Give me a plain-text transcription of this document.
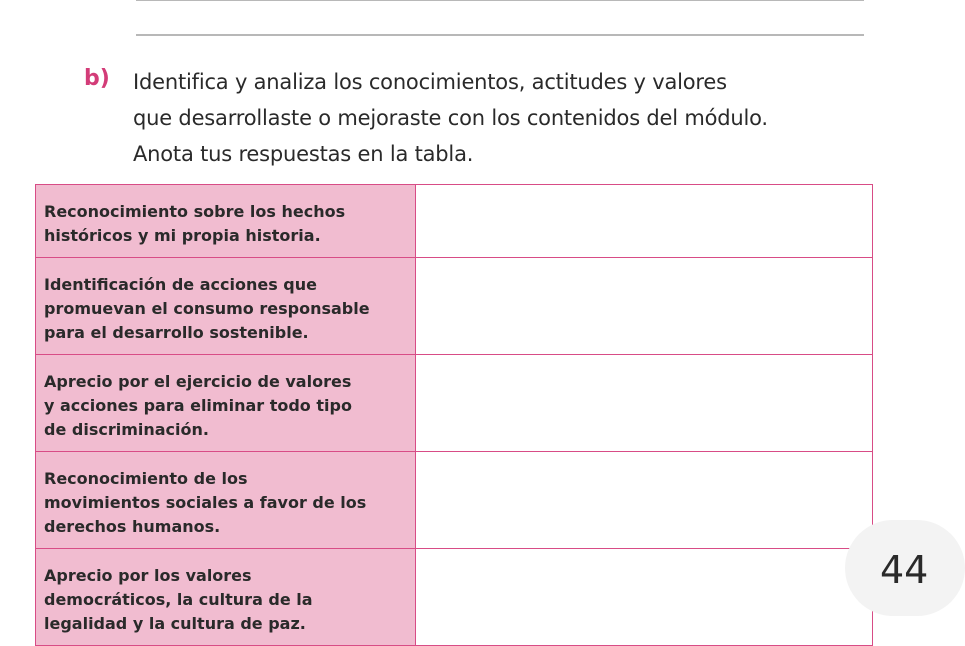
b) Identifica y analiza los conocimientos, actitudes y valores
que desarrollaste o mejoraste con los contenidos del módulo.
Anota tus respuestas en la tabla.
Reconocimiento sobre los hechos
históricos y mi propia historia.	

Identificación de acciones que
promuevan el consumo responsable
para el desarrollo sostenible.	

Aprecio por el ejercicio de valores
y acciones para eliminar todo tipo
de discriminación.	

Reconocimiento de los
movimientos sociales a favor de los
derechos humanos.	

Aprecio por los valores
democráticos, la cultura de la
legalidad y la cultura de paz.	

44
